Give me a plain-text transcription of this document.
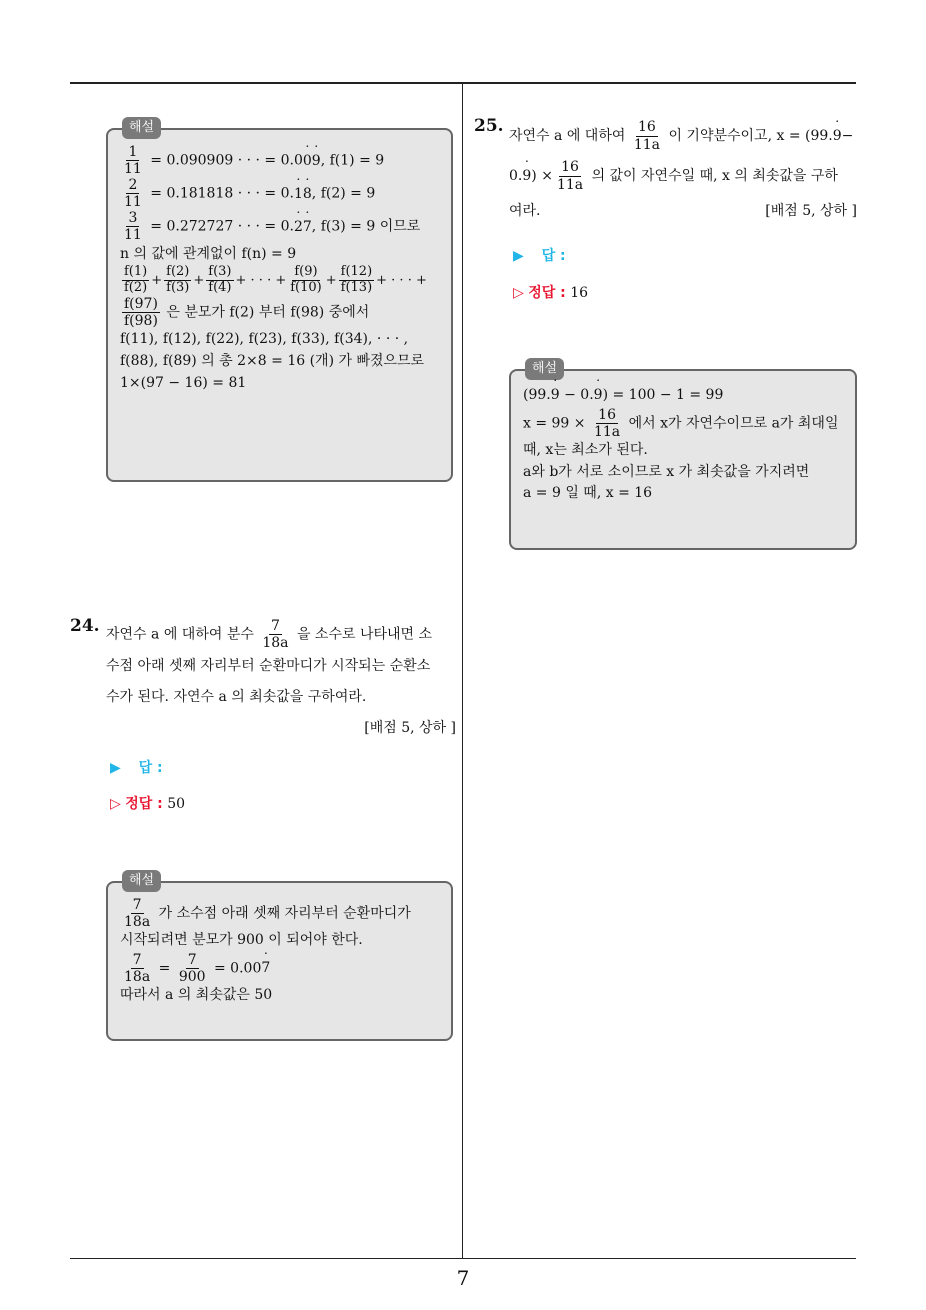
해설
$\frac{1}{11} = 0.090909$ · · · = 0.0˙ 0˙ 9, f(1) = 9
$\frac{2}{11} = 0.181818$ · · · = 0.˙ 1˙ 8, f(2) = 9
$\frac{3}{11} = 0.272727$ · · · = 0.˙ 2˙ 7, f(3) = 9 이므로
n 의 값에 관계없이 f(n) = 9
$\frac{f(1)}{f(2)} + \frac{f(2)}{f(3)} + \frac{f(3)}{f(4)}$ + · · · + $\frac{f(9)}{f(10)} + \frac{f(12)}{f(13)}$ + · · · +
$\frac{f(97)}{f(98)}$ 은 분모가 f(2) 부터 f(98) 중에서
f(11), f(12), f(22), f(23), f(33), f(34), · · · ,
f(88), f(89) 의 총 2×8 = 16 (개) 가 빠졌으므로
1×(97 − 16) = 81
24. 자연수 a 에 대하여 분수 $\frac{7}{18a}$ 을 소수로 나타내면 소
수점 아래 셋째 자리부터 순환마디가 시작되는 순환소
수가 된다. 자연수 a 의 최솟값을 구하여라.
[배점 5, 상하 ]
▶ 답 :
▷ 정답 : 50
해설
$\frac{7}{18a}$ 가 소수점 아래 셋째 자리부터 순환마디가
시작되려면 분모가 900 이 되어야 한다.
$\frac{7}{18a} = \frac{7}{900}$ = 0.00˙ 7
따라서 a 의 최솟값은 50
25. 자연수 a 에 대하여 $\frac{16}{11a}$ 이 기약분수이고, x = (99.˙ 9−
0.˙ $9) \times \frac{16}{11a}$ 의 값이 자연수일 때, x 의 최솟값을 구하
여라.	[배점 5, 상하 ]
▶ 답 :
▷ 정답 : 16
해설
(99.˙ 9 − 0.˙ 9) = 100 − 1 = 99
$x = 99 \times \frac{16}{11a}$ 에서 x가 자연수이므로 a가 최대일
때, x는 최소가 된다.
a와 b가 서로 소이므로 x 가 최솟값을 가지려면
a = 9 일 때, x = 16
7
